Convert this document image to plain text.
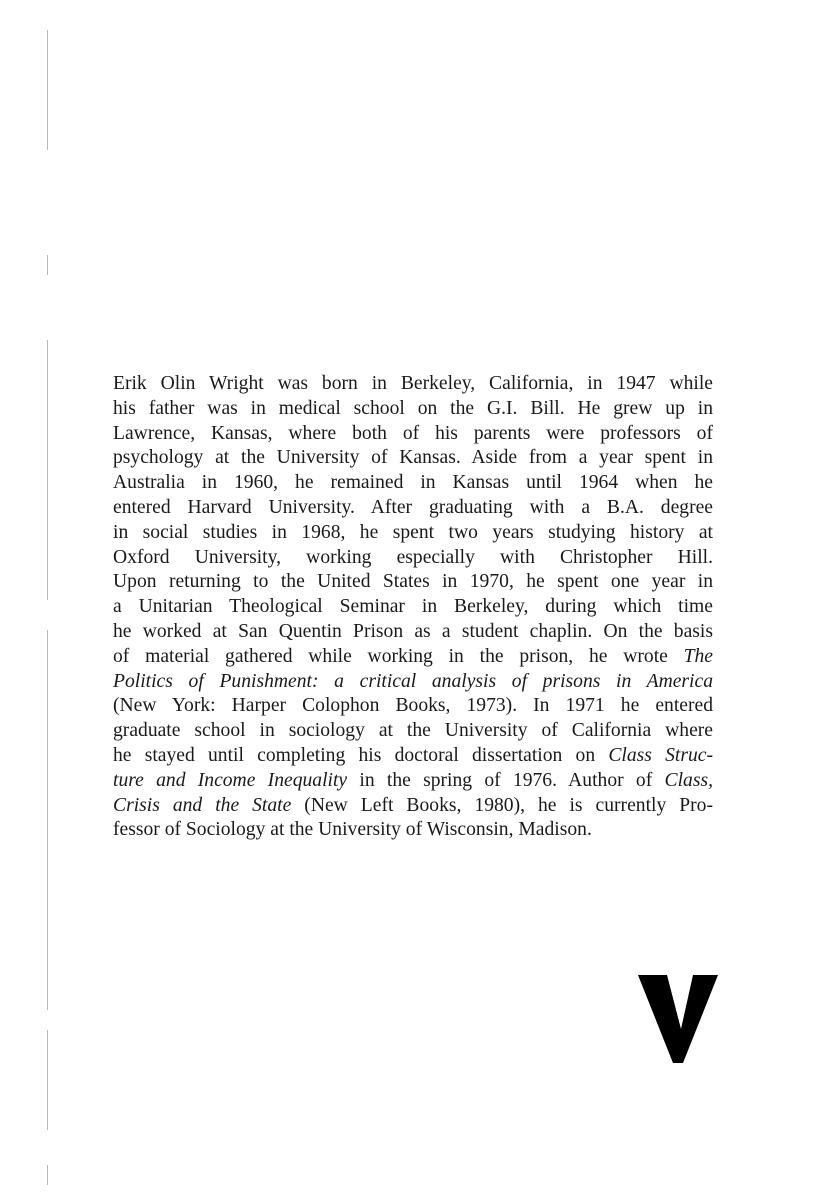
Erik Olin Wright was born in Berkeley, California, in 1947 while
his father was in medical school on the G.I. Bill. He grew up in
Lawrence, Kansas, where both of his parents were professors of
psychology at the University of Kansas. Aside from a year spent in
Australia in 1960, he remained in Kansas until 1964 when he
entered Harvard University. After graduating with a B.A. degree
in social studies in 1968, he spent two years studying history at
Oxford University, working especially with Christopher Hill.
Upon returning to the United States in 1970, he spent one year in
a Unitarian Theological Seminar in Berkeley, during which time
he worked at San Quentin Prison as a student chaplin. On the basis
of material gathered while working in the prison, he wrote The
Politics of Punishment: a critical analysis of prisons in America
(New York: Harper Colophon Books, 1973). In 1971 he entered
graduate school in sociology at the University of California where
he stayed until completing his doctoral dissertation on Class Struc-
ture and Income Inequality in the spring of 1976. Author of Class,
Crisis and the State (New Left Books, 1980), he is currently Pro-
fessor of Sociology at the University of Wisconsin, Madison.
